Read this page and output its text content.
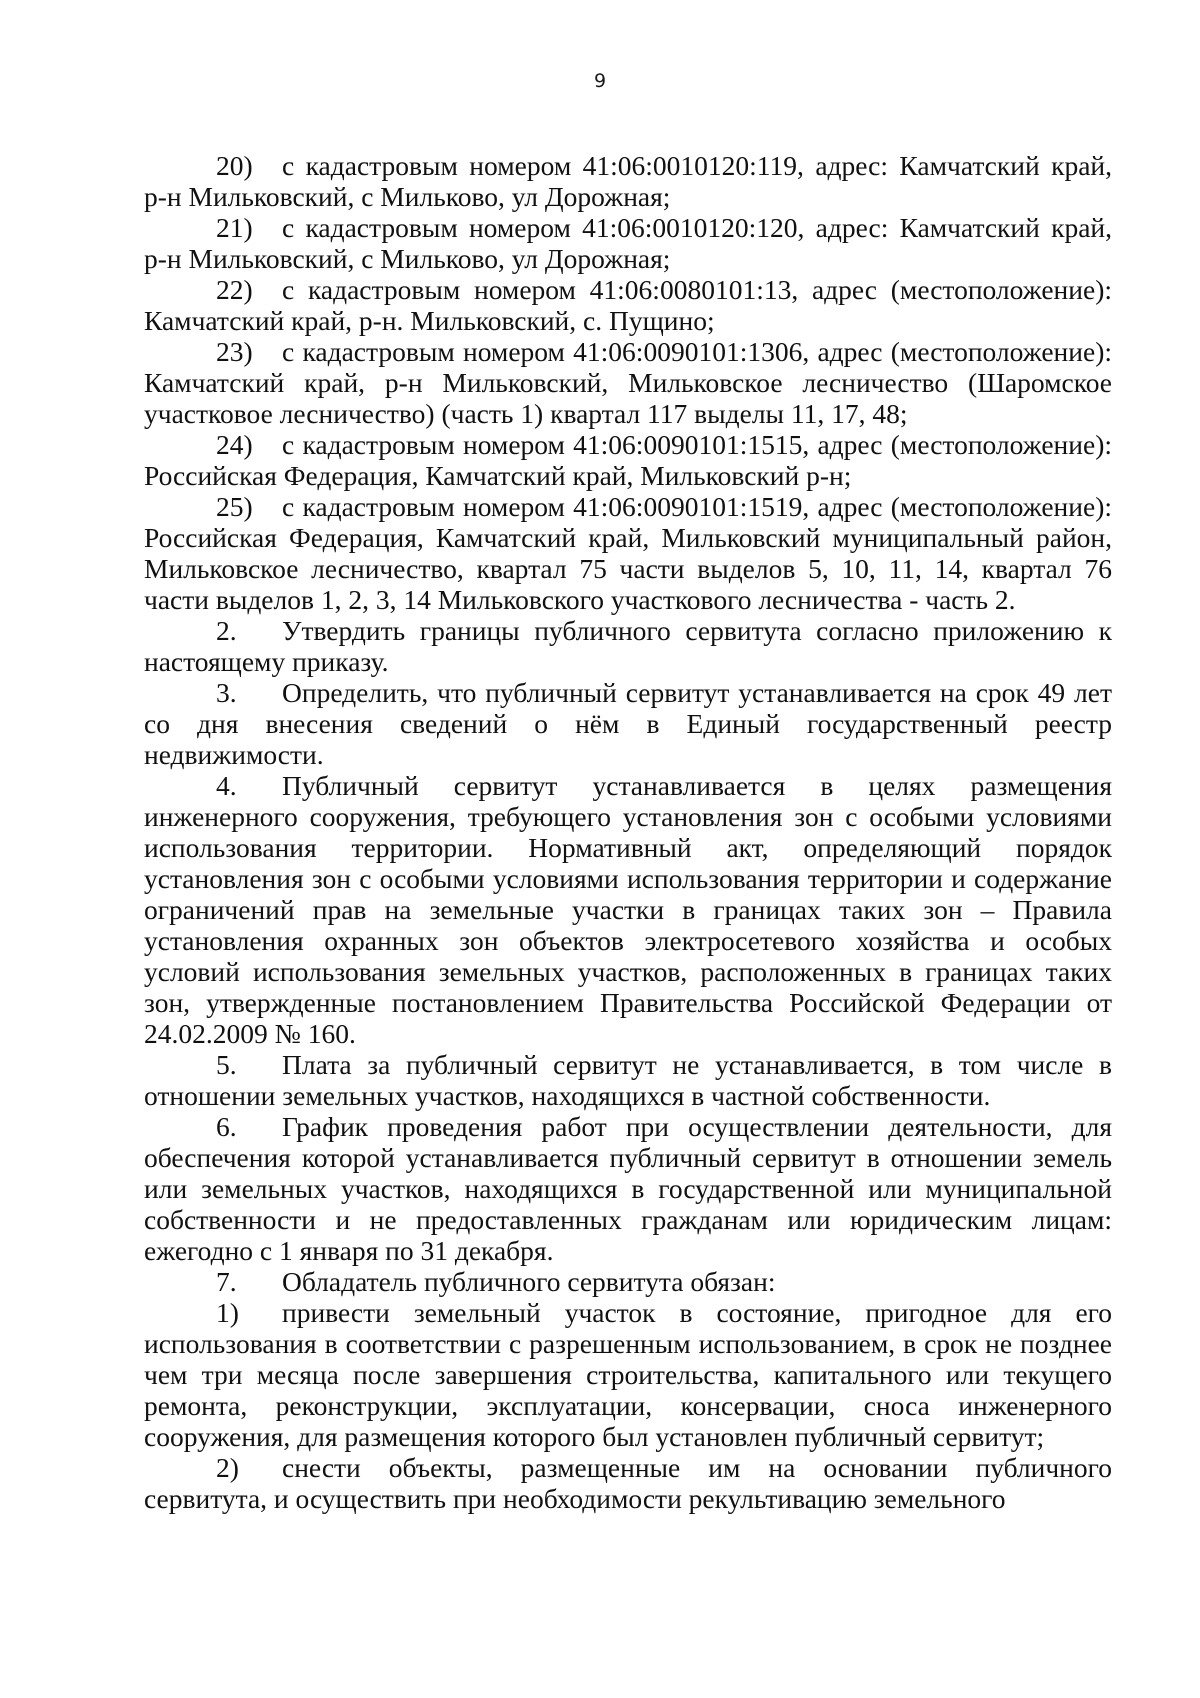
9

20) с кадастровым номером 41:06:0010120:119, адрес: Камчатский край, р-н Мильковский, с Мильково, ул Дорожная;

21) с кадастровым номером 41:06:0010120:120, адрес: Камчатский край, р-н Мильковский, с Мильково, ул Дорожная;

22) с кадастровым номером 41:06:0080101:13, адрес (местоположение): Камчатский край, р-н. Мильковский, с. Пущино;

23) с кадастровым номером 41:06:0090101:1306, адрес (местоположение): Камчатский край, р-н Мильковский, Мильковское лесничество (Шаромское участковое лесничество) (часть 1) квартал 117 выделы 11, 17, 48;

24) с кадастровым номером 41:06:0090101:1515, адрес (местоположение): Российская Федерация, Камчатский край, Мильковский р-н;

25) с кадастровым номером 41:06:0090101:1519, адрес (местоположение): Российская Федерация, Камчатский край, Мильковский муниципальный район, Мильковское лесничество, квартал 75 части выделов 5, 10, 11, 14, квартал 76 части выделов 1, 2, 3, 14 Мильковского участкового лесничества - часть 2.

2. Утвердить границы публичного сервитута согласно приложению к настоящему приказу.

3. Определить, что публичный сервитут устанавливается на срок 49 лет со дня внесения сведений о нём в Единый государственный реестр недвижимости.

4. Публичный сервитут устанавливается в целях размещения инженерного сооружения, требующего установления зон с особыми условиями использования территории. Нормативный акт, определяющий порядок установления зон с особыми условиями использования территории и содержание ограничений прав на земельные участки в границах таких зон – Правила установления охранных зон объектов электросетевого хозяйства и особых условий использования земельных участков, расположенных в границах таких зон, утвержденные постановлением Правительства Российской Федерации от 24.02.2009 № 160.

5. Плата за публичный сервитут не устанавливается, в том числе в отношении земельных участков, находящихся в частной собственности.

6. График проведения работ при осуществлении деятельности, для обеспечения которой устанавливается публичный сервитут в отношении земель или земельных участков, находящихся в государственной или муниципальной собственности и не предоставленных гражданам или юридическим лицам: ежегодно с 1 января по 31 декабря.

7. Обладатель публичного сервитута обязан:

1) привести земельный участок в состояние, пригодное для его использования в соответствии с разрешенным использованием, в срок не позднее чем три месяца после завершения строительства, капитального или текущего ремонта, реконструкции, эксплуатации, консервации, сноса инженерного сооружения, для размещения которого был установлен публичный сервитут;

2) снести объекты, размещенные им на основании публичного сервитута, и осуществить при необходимости рекультивацию земельного
